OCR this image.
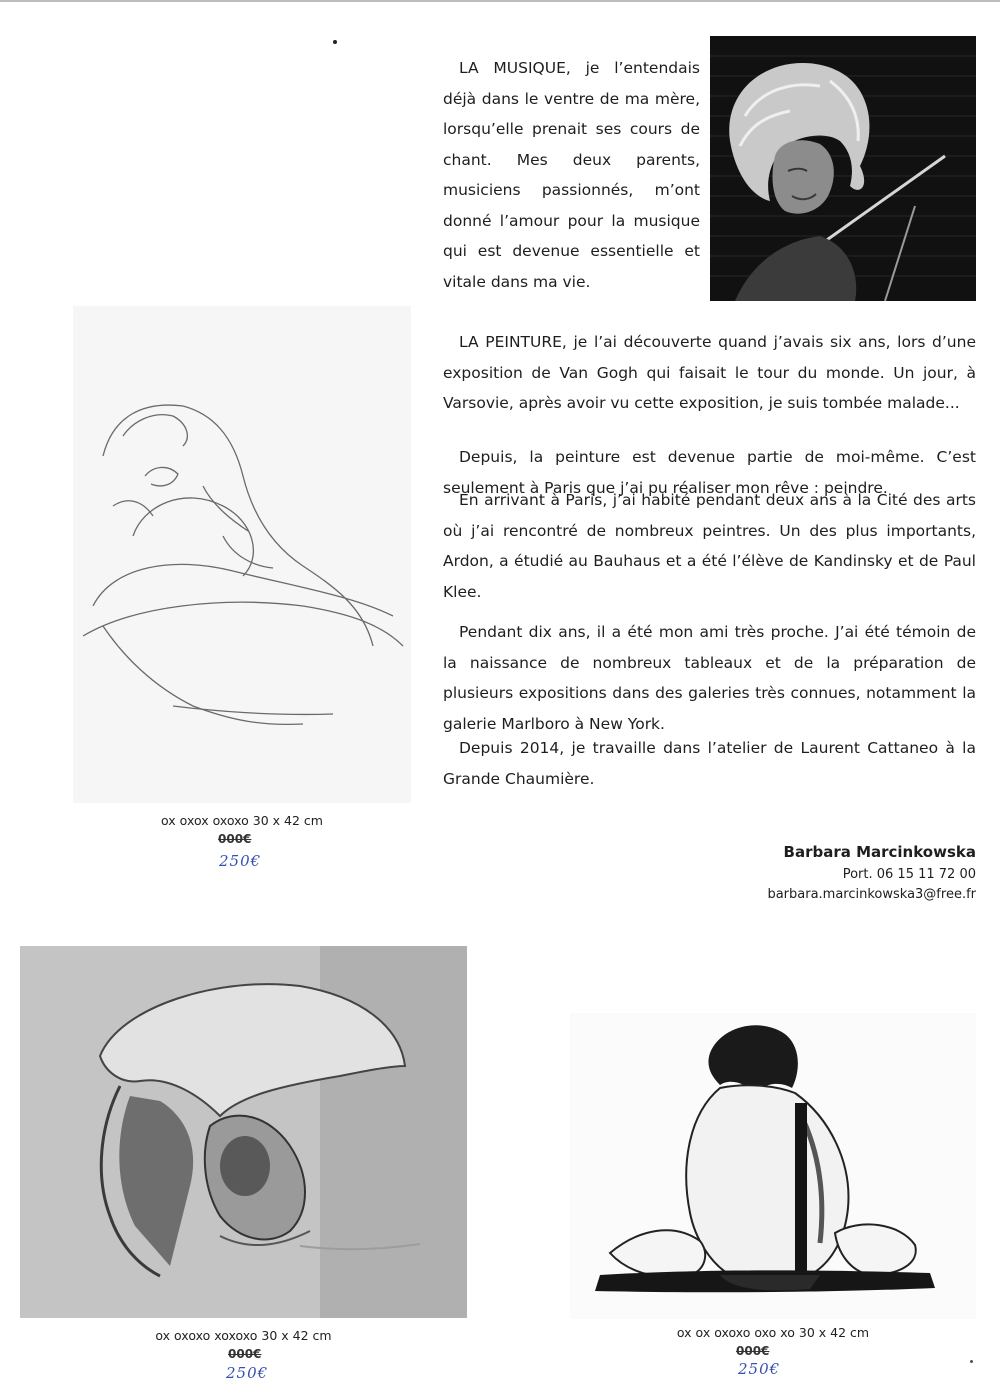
LA MUSIQUE, je l’entendais déjà dans le ventre de ma mère, lorsqu’elle prenait ses cours de chant. Mes deux parents, musiciens passionnés, m’ont donné l’amour pour la musique qui est devenue essentielle et vitale dans ma vie.

LA PEINTURE, je l’ai découverte quand j’avais six ans, lors d’une exposition de Van Gogh qui faisait le tour du monde. Un jour, à Varsovie, après avoir vu cette exposition, je suis tombée malade...

Depuis, la peinture est devenue partie de moi-même. C’est seulement à Paris que j’ai pu réaliser mon rêve : peindre.

En arrivant à Paris, j’ai habité pendant deux ans à la Cité des arts où j’ai rencontré de nombreux peintres. Un des plus importants, Ardon, a étudié au Bauhaus et a été l’élève de Kandinsky et de Paul Klee.

Pendant dix ans, il a été mon ami très proche. J’ai été témoin de la naissance de nombreux tableaux et de la préparation de plusieurs expositions dans des galeries très connues, notamment la galerie Marlboro à New York.

Depuis 2014, je travaille dans l’atelier de Laurent Cattaneo à la Grande Chaumière.

ox oxox oxoxo 30 x 42 cm
000€
250€	Barbara Marcinkowska
Port. 06 15 11 72 00
barbara.marcinkowska3@free.fr
ox oxoxo xoxoxo 30 x 42 cm
000€
250€
ox ox oxoxo oxo xo 30 x 42 cm
000€
250€
